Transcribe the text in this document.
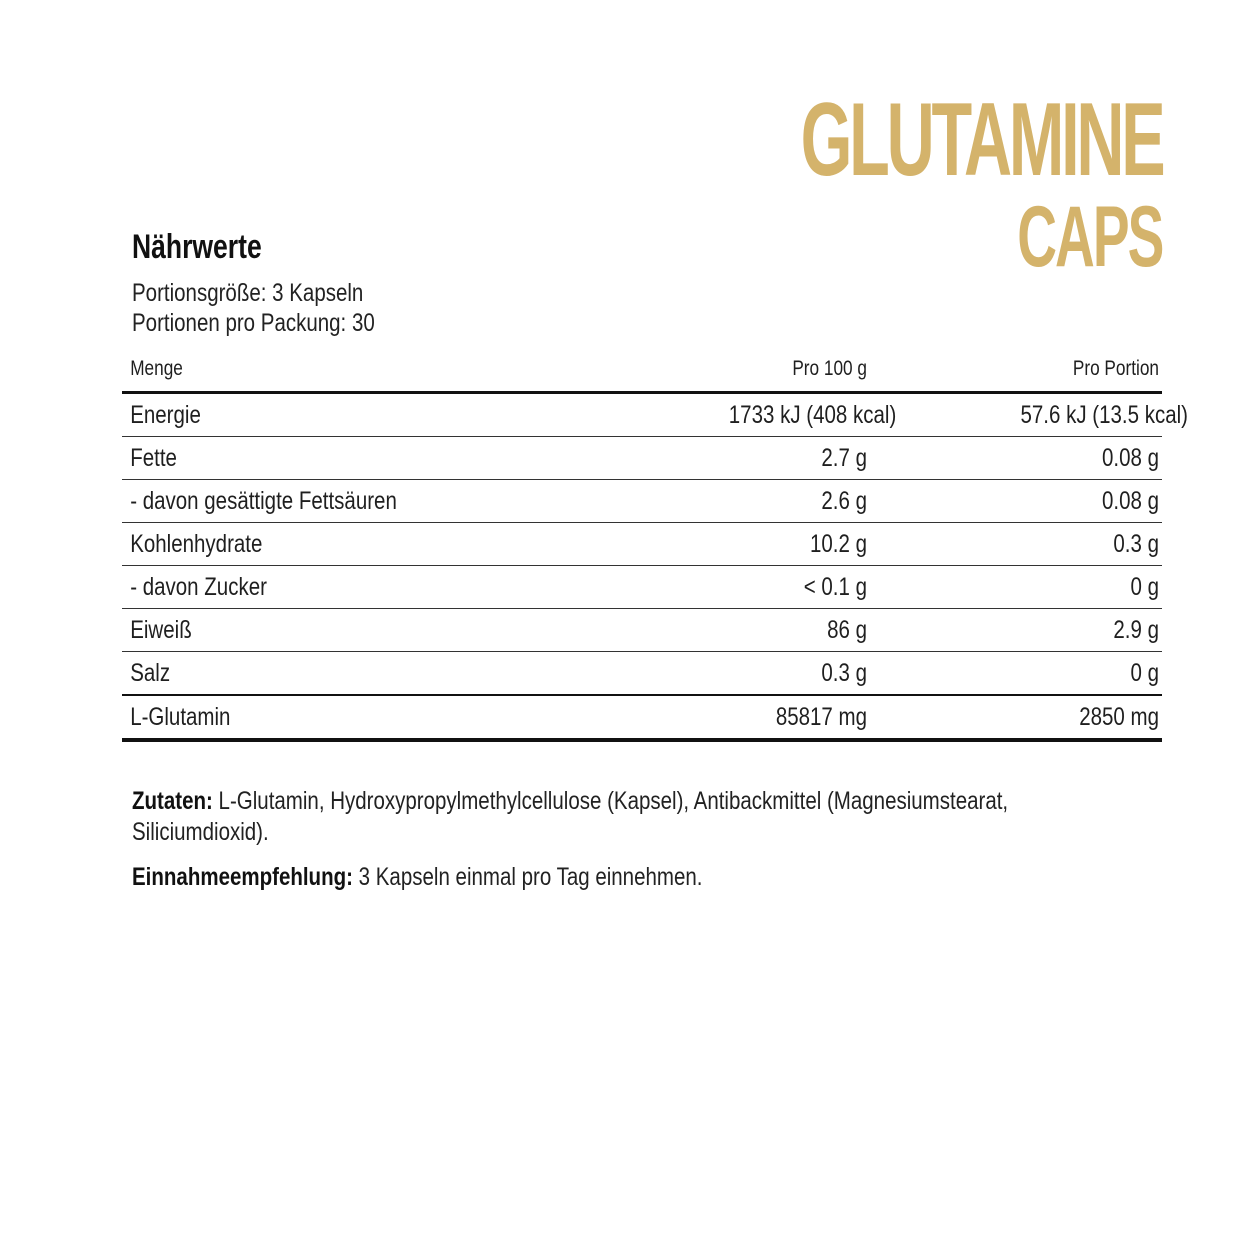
GLUTAMINE
CAPS
Nährwerte
Portionsgröße: 3 Kapseln
Portionen pro Packung: 30
Menge	Pro 100 g	Pro Portion
Energie	1733 kJ (408 kcal)	57.6 kJ (13.5 kcal)
Fette	2.7 g	0.08 g
- davon gesättigte Fettsäuren	2.6 g	0.08 g
Kohlenhydrate	10.2 g	0.3 g
- davon Zucker	< 0.1 g	0 g
Eiweiß	86 g	2.9 g
Salz	0.3 g	0 g
L-Glutamin	85817 mg	2850 mg

Zutaten: L-Glutamin, Hydroxypropylmethylcellulose (Kapsel), Antibackmittel (Magnesiumstearat, Siliciumdioxid).

Einnahmeempfehlung: 3 Kapseln einmal pro Tag einnehmen.
